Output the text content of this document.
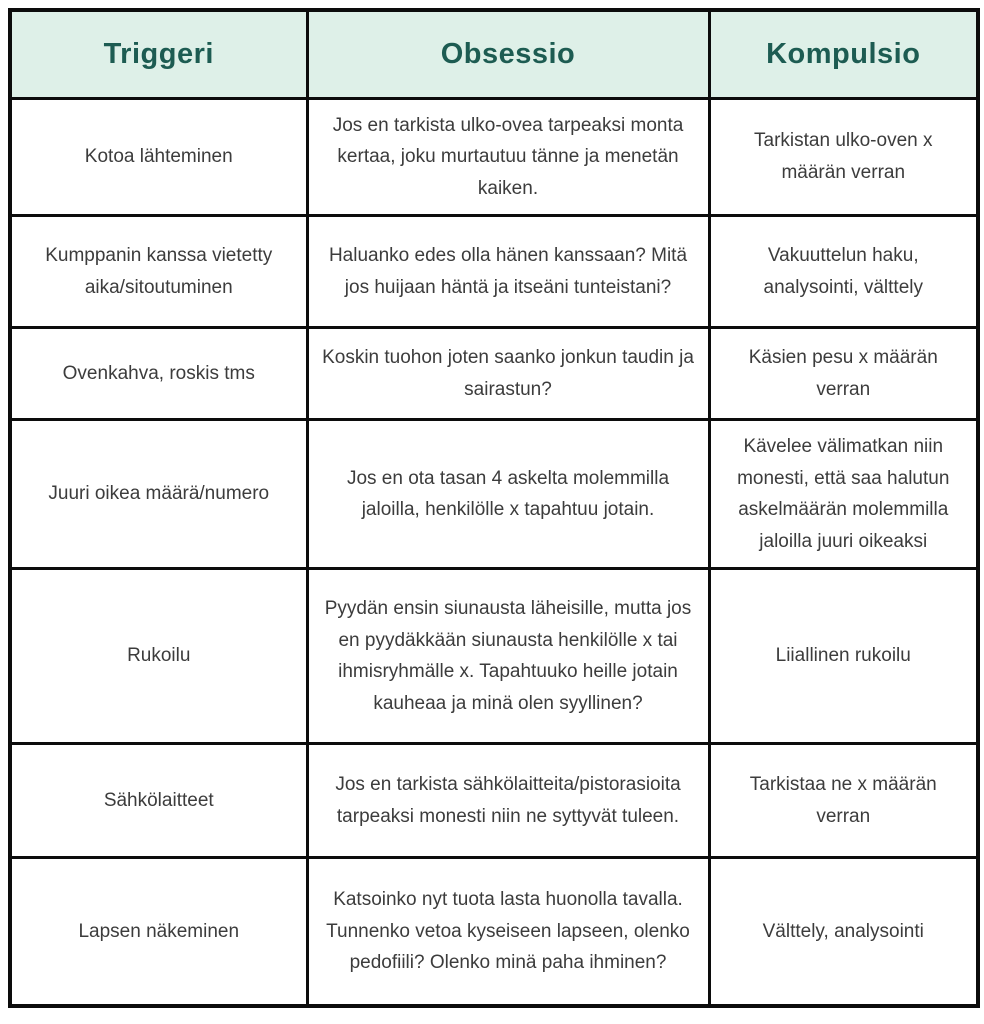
Triggeri	Obsessio	Kompulsio
Kotoa lähteminen	Jos en tarkista ulko-ovea tarpeaksi monta kertaa, joku murtautuu tänne ja menetän kaiken.	Tarkistan ulko-oven x määrän verran
Kumppanin kanssa vietetty aika/sitoutuminen	Haluanko edes olla hänen kanssaan? Mitä jos huijaan häntä ja itseäni tunteistani?	Vakuuttelun haku, analysointi, välttely
Ovenkahva, roskis tms	Koskin tuohon joten saanko jonkun taudin ja sairastun?	Käsien pesu x määrän verran
Juuri oikea määrä/numero	Jos en ota tasan 4 askelta molemmilla jaloilla, henkilölle x tapahtuu jotain.	Kävelee välimatkan niin monesti, että saa halutun askelmäärän molemmilla jaloilla juuri oikeaksi
Rukoilu	Pyydän ensin siunausta läheisille, mutta jos en pyydäkkään siunausta henkilölle x tai ihmisryhmälle x. Tapahtuuko heille jotain kauheaa ja minä olen syyllinen?	Liiallinen rukoilu
Sähkölaitteet	Jos en tarkista sähkölaitteita/pistorasioita tarpeaksi monesti niin ne syttyvät tuleen.	Tarkistaa ne x määrän verran
Lapsen näkeminen	Katsoinko nyt tuota lasta huonolla tavalla. Tunnenko vetoa kyseiseen lapseen, olenko pedofiili? Olenko minä paha ihminen?	Välttely, analysointi
